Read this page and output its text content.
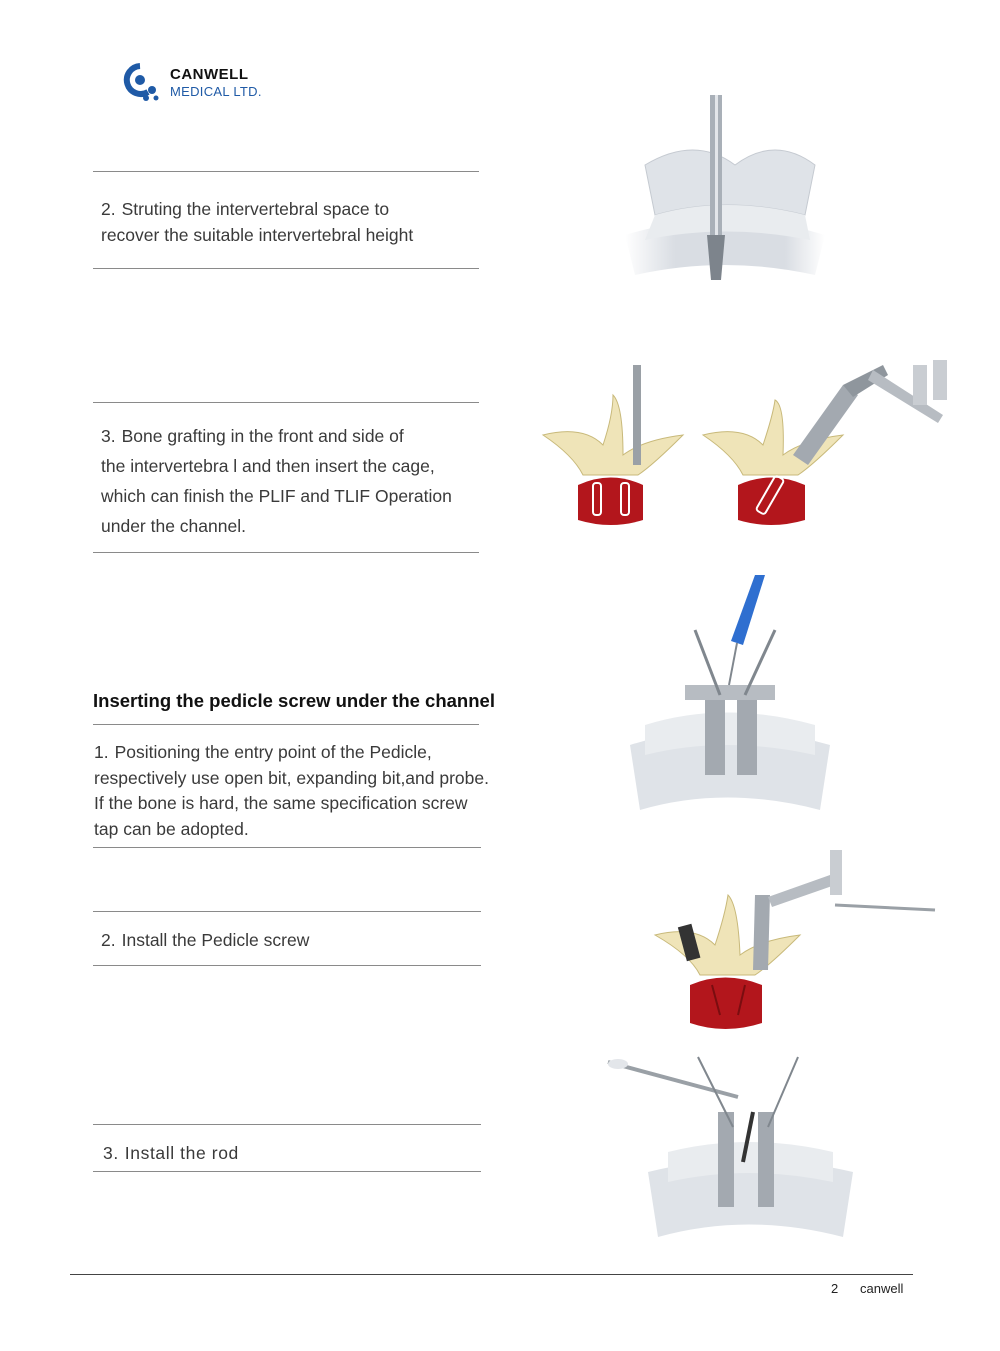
CANWELL
MEDICAL LTD.
2. Struting the intervertebral space to
recover the suitable intervertebral height
3. Bone grafting in the front and side of
the intervertebra l and then insert the cage,
which can finish the PLIF and TLIF Operation
under the channel.
Inserting the pedicle screw under the channel
1. Positioning the entry point of the Pedicle,
respectively use open bit, expanding bit,and probe.
If the bone is hard, the same specification screw
tap can be adopted.
2. Install the Pedicle screw
3. Install the rod
2 canwell
